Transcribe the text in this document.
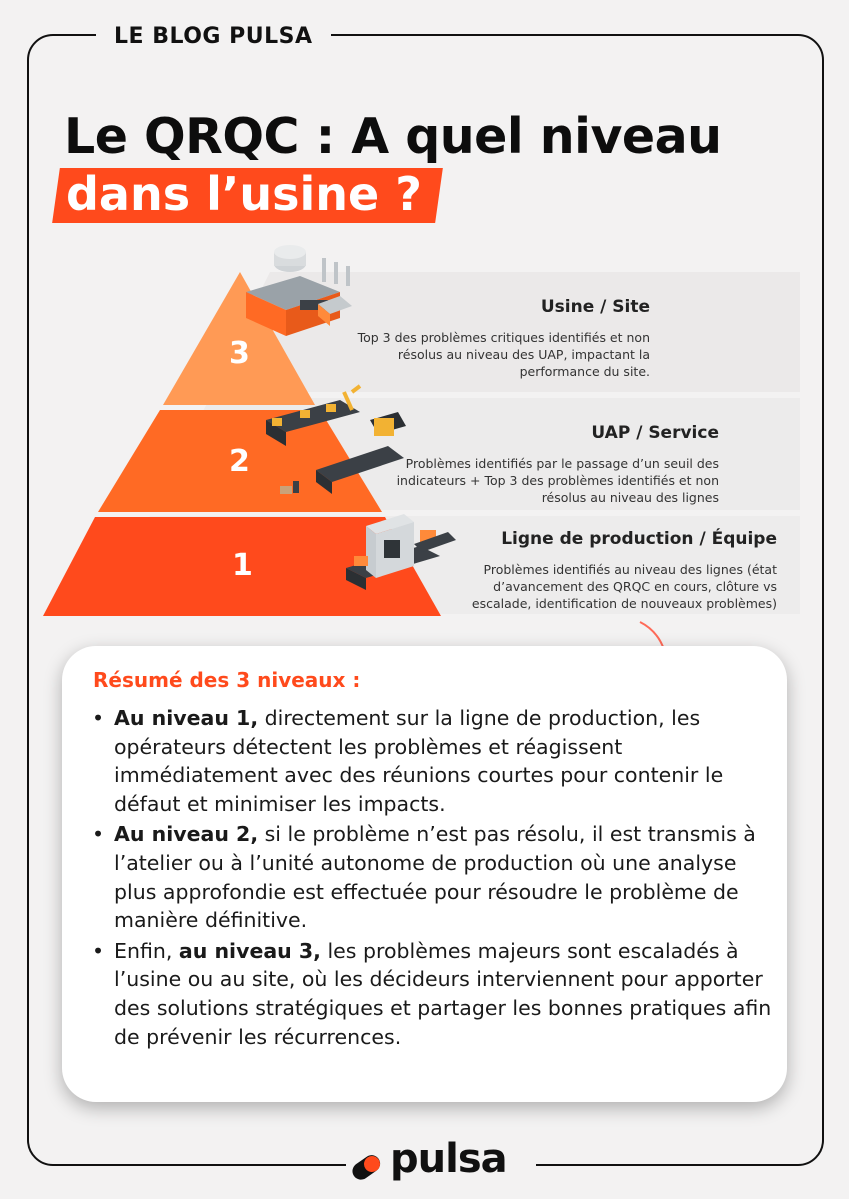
LE BLOG PULSA
Le QRQC : A quel niveau
dans l’usine ?
3
2
1
Usine / Site
Top 3 des problèmes critiques identifiés et non résolus au niveau des UAP, impactant la performance du site.
UAP / Service
Problèmes identifiés par le passage d’un seuil des indicateurs + Top 3 des problèmes identifiés et non résolus au niveau des lignes
Ligne de production / Équipe
Problèmes identifiés au niveau des lignes (état d’avancement des QRQC en cours, clôture vs escalade, identification de nouveaux problèmes)
Résumé des 3 niveaux :
• Au niveau 1, directement sur la ligne de production, les opérateurs détectent les problèmes et réagissent immédiatement avec des réunions courtes pour contenir le défaut et minimiser les impacts.
• Au niveau 2, si le problème n’est pas résolu, il est transmis à l’atelier ou à l’unité autonome de production où une analyse plus approfondie est effectuée pour résoudre le problème de manière définitive.
• Enfin, au niveau 3, les problèmes majeurs sont escaladés à l’usine ou au site, où les décideurs interviennent pour apporter des solutions stratégiques et partager les bonnes pratiques afin de prévenir les récurrences.
pulsa
